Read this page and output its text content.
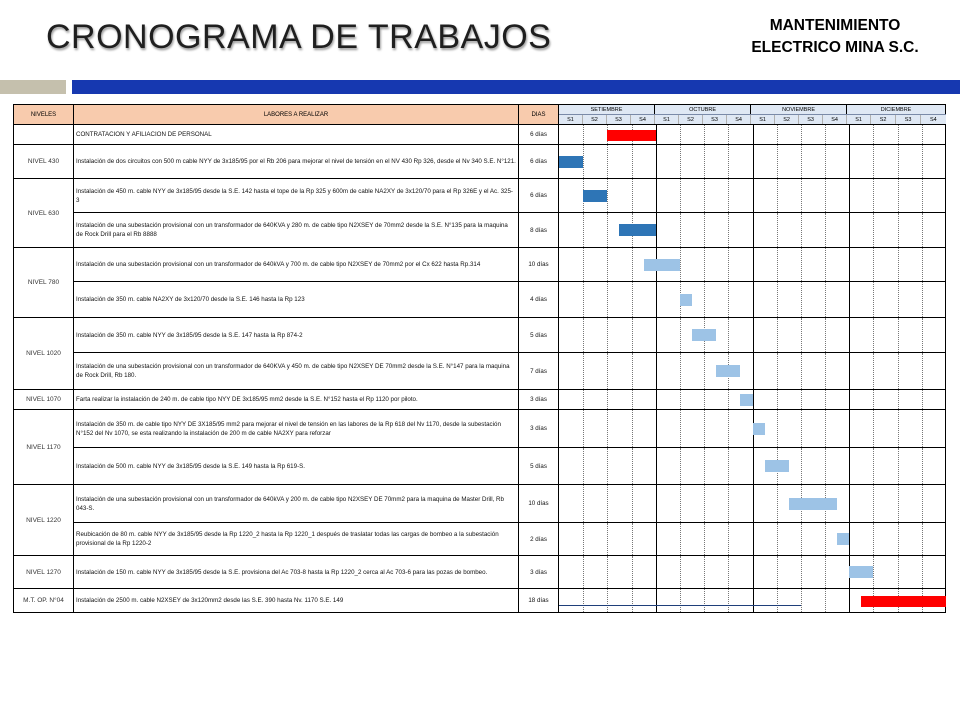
CRONOGRAMA DE TRABAJOS	MANTENIMIENTO
ELECTRICO MINA S.C.
NIVELES	LABORES A REALIZAR	DIAS	SETIEMBRE				OCTUBRE				NOVIEMBRE				DICIEMBRE			
			S1	S2	S3	S4	S1	S2	S3	S4	S1	S2	S3	S4	S1	S2	S3	S4
	CONTRATACION Y AFILIACION DE PERSONAL	6 días																

NIVEL 430	Instalación de dos circuitos con 500 m cable NYY de 3x185/95 por el Rb 206 para mejorar el nivel de tensión en el NV 430 Rp 326, desde el Nv 340 S.E. N°121.	6 días																

NIVEL 630	Instalación de 450 m. cable NYY de 3x185/95 desde la S.E. 142 hasta el tope de la Rp 325 y 600m de cable NA2XY de 3x120/70 para el Rp 326E y el Ac. 325-3	6 días																

	Instalación de una subestación provisional con un transformador de 640KVA y 280 m. de cable tipo N2XSEY de 70mm2 desde la S.E. N°135 para la maquina de Rock Drill para el Rb 8888	8 días																

NIVEL 780	Instalación de una subestación provisional con un transformador de 640kVA y 700 m. de cable tipo N2XSEY de 70mm2 por el Cx 622 hasta Rp.314	10 días																

	Instalación de 350 m. cable NA2XY de 3x120/70 desde la S.E. 146 hasta la Rp 123	4 días																

NIVEL 1020	Instalación de 350 m. cable NYY de 3x185/95 desde la S.E. 147 hasta la Rp 874-2	5 días																

	Instalación de una subestación provisional con un transformador de 640KVA y 450 m. de cable tipo N2XSEY DE 70mm2 desde la S.E. N°147 para la maquina de Rock Drill, Rb 180.	7 días																

NIVEL 1070	Farta realizar la instalación de 240 m. de cable tipo NYY DE 3x185/95 mm2 desde la S.E. N°152 hasta el Rp 1120 por piloto.	3 días																

NIVEL 1170	Instalación de 350 m. de cable tipo NYY DE 3X185/95 mm2 para mejorar el nivel de tensión en las labores de la Rp 618 del Nv 1170, desde la subestación N°152 del Nv 1070, se esta realizando la instalación de 200 m de cable NA2XY para reforzar	3 días																

	Instalación de 500 m. cable NYY de 3x185/95 desde la S.E. 149 hasta la Rp 619-S.	5 días																

NIVEL 1220	Instalación de una subestación provisional con un transformador de 640kVA y 200 m. de cable tipo N2XSEY DE 70mm2 para la maquina de Master Drill, Rb 043-S.	10 días																

	Reubicación de 80 m. cable NYY de 3x185/95 desde la Rp 1220_2 hasta la Rp 1220_1 después de traslatar todas las cargas de bombeo a la subestación provisional de la Rp 1220-2	2 días																

NIVEL 1270	Instalación de 150 m. cable NYY de 3x185/95 desde la S.E. provisiona del Ac 703-8 hasta la Rp 1220_2 cerca al Ac 703-6 para las pozas de bombeo.	3 días																

M.T. OP. N°04	Instalación de 2500 m. cable N2XSEY de 3x120mm2 desde las S.E. 390 hasta Nv. 1170 S.E. 149	18 días																
